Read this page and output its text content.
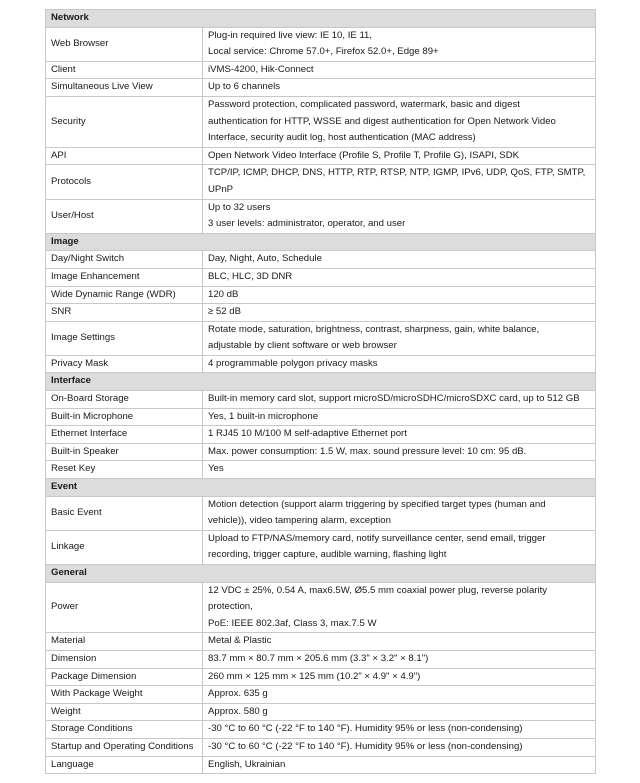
Network	
Web Browser	Plug-in required live view: IE 10, IE 11,
Local service: Chrome 57.0+, Firefox 52.0+, Edge 89+

Client	iVMS-4200, Hik-Connect

Simultaneous Live View	Up to 6 channels

Security	Password protection, complicated password, watermark, basic and digest
authentication for HTTP, WSSE and digest authentication for Open Network Video
Interface, security audit log, host authentication (MAC address)

API	Open Network Video Interface (Profile S, Profile T, Profile G), ISAPI, SDK

Protocols	TCP/IP, ICMP, DHCP, DNS, HTTP, RTP, RTSP, NTP, IGMP, IPv6, UDP, QoS, FTP, SMTP,
UPnP

User/Host	Up to 32 users
3 user levels: administrator, operator, and user

Image	
Day/Night Switch	Day, Night, Auto, Schedule

Image Enhancement	BLC, HLC, 3D DNR

Wide Dynamic Range (WDR)	120 dB

SNR	≥ 52 dB

Image Settings	Rotate mode, saturation, brightness, contrast, sharpness, gain, white balance,
adjustable by client software or web browser

Privacy Mask	4 programmable polygon privacy masks

Interface	
On-Board Storage	Built-in memory card slot, support microSD/microSDHC/microSDXC card, up to 512 GB

Built-in Microphone	Yes, 1 built-in microphone

Ethernet Interface	1 RJ45 10 M/100 M self-adaptive Ethernet port

Built-in Speaker	Max. power consumption: 1.5 W, max. sound pressure level: 10 cm: 95 dB.

Reset Key	Yes

Event	
Basic Event	Motion detection (support alarm triggering by specified target types (human and
vehicle)), video tampering alarm, exception

Linkage	Upload to FTP/NAS/memory card, notify surveillance center, send email, trigger
recording, trigger capture, audible warning, flashing light

General	
Power	12 VDC ± 25%, 0.54 A, max6.5W, Ø5.5 mm coaxial power plug, reverse polarity
protection,
PoE: IEEE 802.3af, Class 3, max.7.5 W

Material	Metal & Plastic

Dimension	83.7 mm × 80.7 mm × 205.6 mm (3.3" × 3.2" × 8.1")

Package Dimension	260 mm × 125 mm × 125 mm (10.2" × 4.9" × 4.9")

With Package Weight	Approx. 635 g

Weight	Approx. 580 g

Storage Conditions	-30 °C to 60 °C (-22 °F to 140 °F). Humidity 95% or less (non-condensing)

Startup and Operating Conditions	-30 °C to 60 °C (-22 °F to 140 °F). Humidity 95% or less (non-condensing)

Language	English, Ukrainian
